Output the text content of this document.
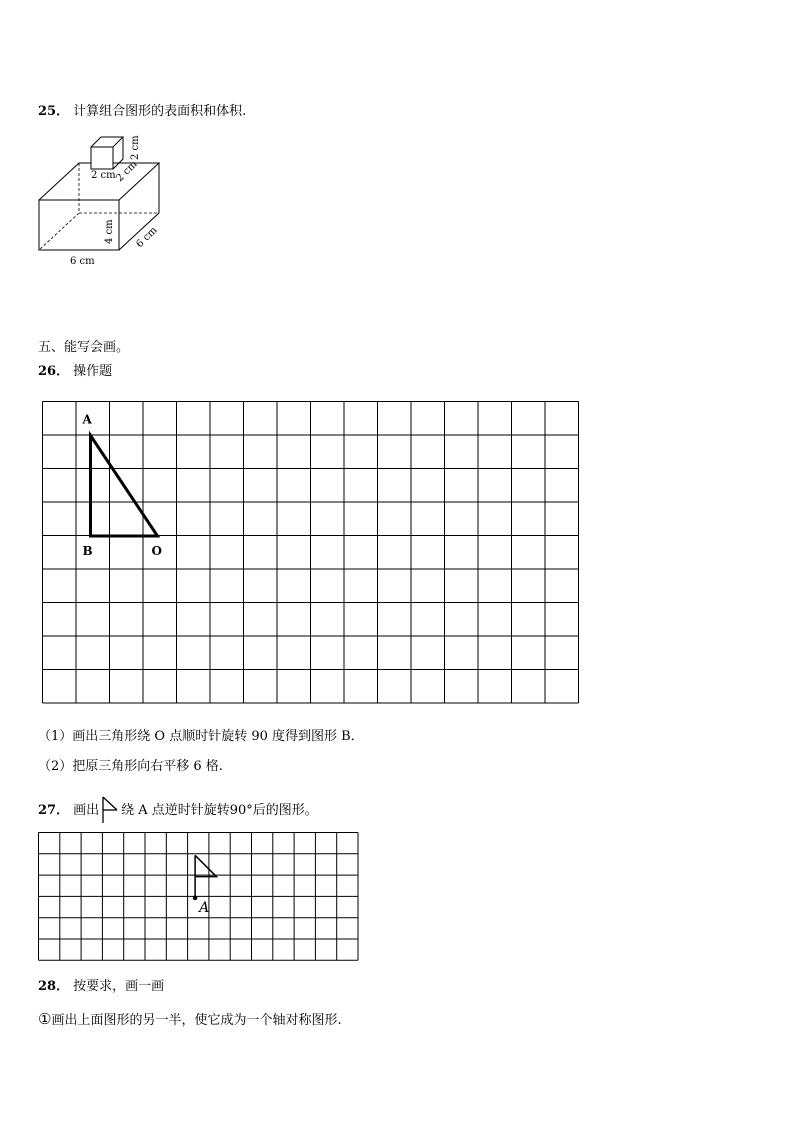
25． 计算组合图形的表面积和体积.
2 cm
2 cm
2 cm
4 cm 6 cm
6 cm
五、能写会画。
26． 操作题
A
B	O
（1）画出三角形绕 O 点顺时针旋转 90 度得到图形 B．
（2）把原三角形向右平移 6 格.
27． 画出 绕 A 点逆时针旋转90°后的图形。
A
28． 按要求，画一画
①画出上面图形的另一半，使它成为一个轴对称图形.
